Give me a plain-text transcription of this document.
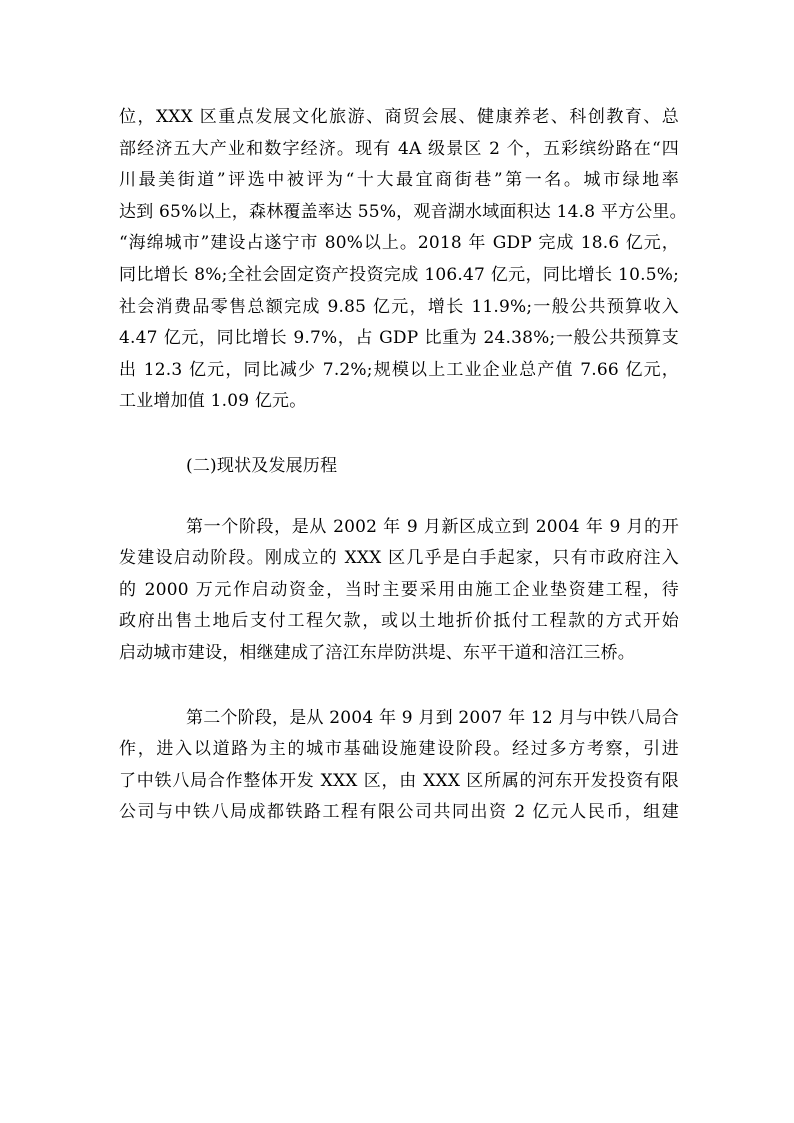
位，XXX 区重点发展文化旅游、商贸会展、健康养老、科创教育、总
部经济五大产业和数字经济。现有 4A 级景区 2 个，五彩缤纷路在“四
川最美街道”评选中被评为“十大最宜商街巷”第一名。城市绿地率
达到 65%以上，森林覆盖率达 55%，观音湖水域面积达 14.8 平方公里。
“海绵城市”建设占遂宁市 80%以上。2018 年 GDP 完成 18.6 亿元，
同比增长 8%;全社会固定资产投资完成 106.47 亿元，同比增长 10.5%;
社会消费品零售总额完成 9.85 亿元，增长 11.9%;一般公共预算收入
4.47 亿元，同比增长 9.7%，占 GDP 比重为 24.38%;一般公共预算支
出 12.3 亿元，同比减少 7.2%;规模以上工业企业总产值 7.66 亿元，
工业增加值 1.09 亿元。

(二)现状及发展历程

第一个阶段，是从 2002 年 9 月新区成立到 2004 年 9 月的开
发建设启动阶段。刚成立的 XXX 区几乎是白手起家，只有市政府注入
的 2000 万元作启动资金，当时主要采用由施工企业垫资建工程，待
政府出售土地后支付工程欠款，或以土地折价抵付工程款的方式开始
启动城市建设，相继建成了涪江东岸防洪堤、东平干道和涪江三桥。
第二个阶段，是从 2004 年 9 月到 2007 年 12 月与中铁八局合
作，进入以道路为主的城市基础设施建设阶段。经过多方考察，引进
了中铁八局合作整体开发 XXX 区，由 XXX 区所属的河东开发投资有限
公司与中铁八局成都铁路工程有限公司共同出资 2 亿元人民币，组建
